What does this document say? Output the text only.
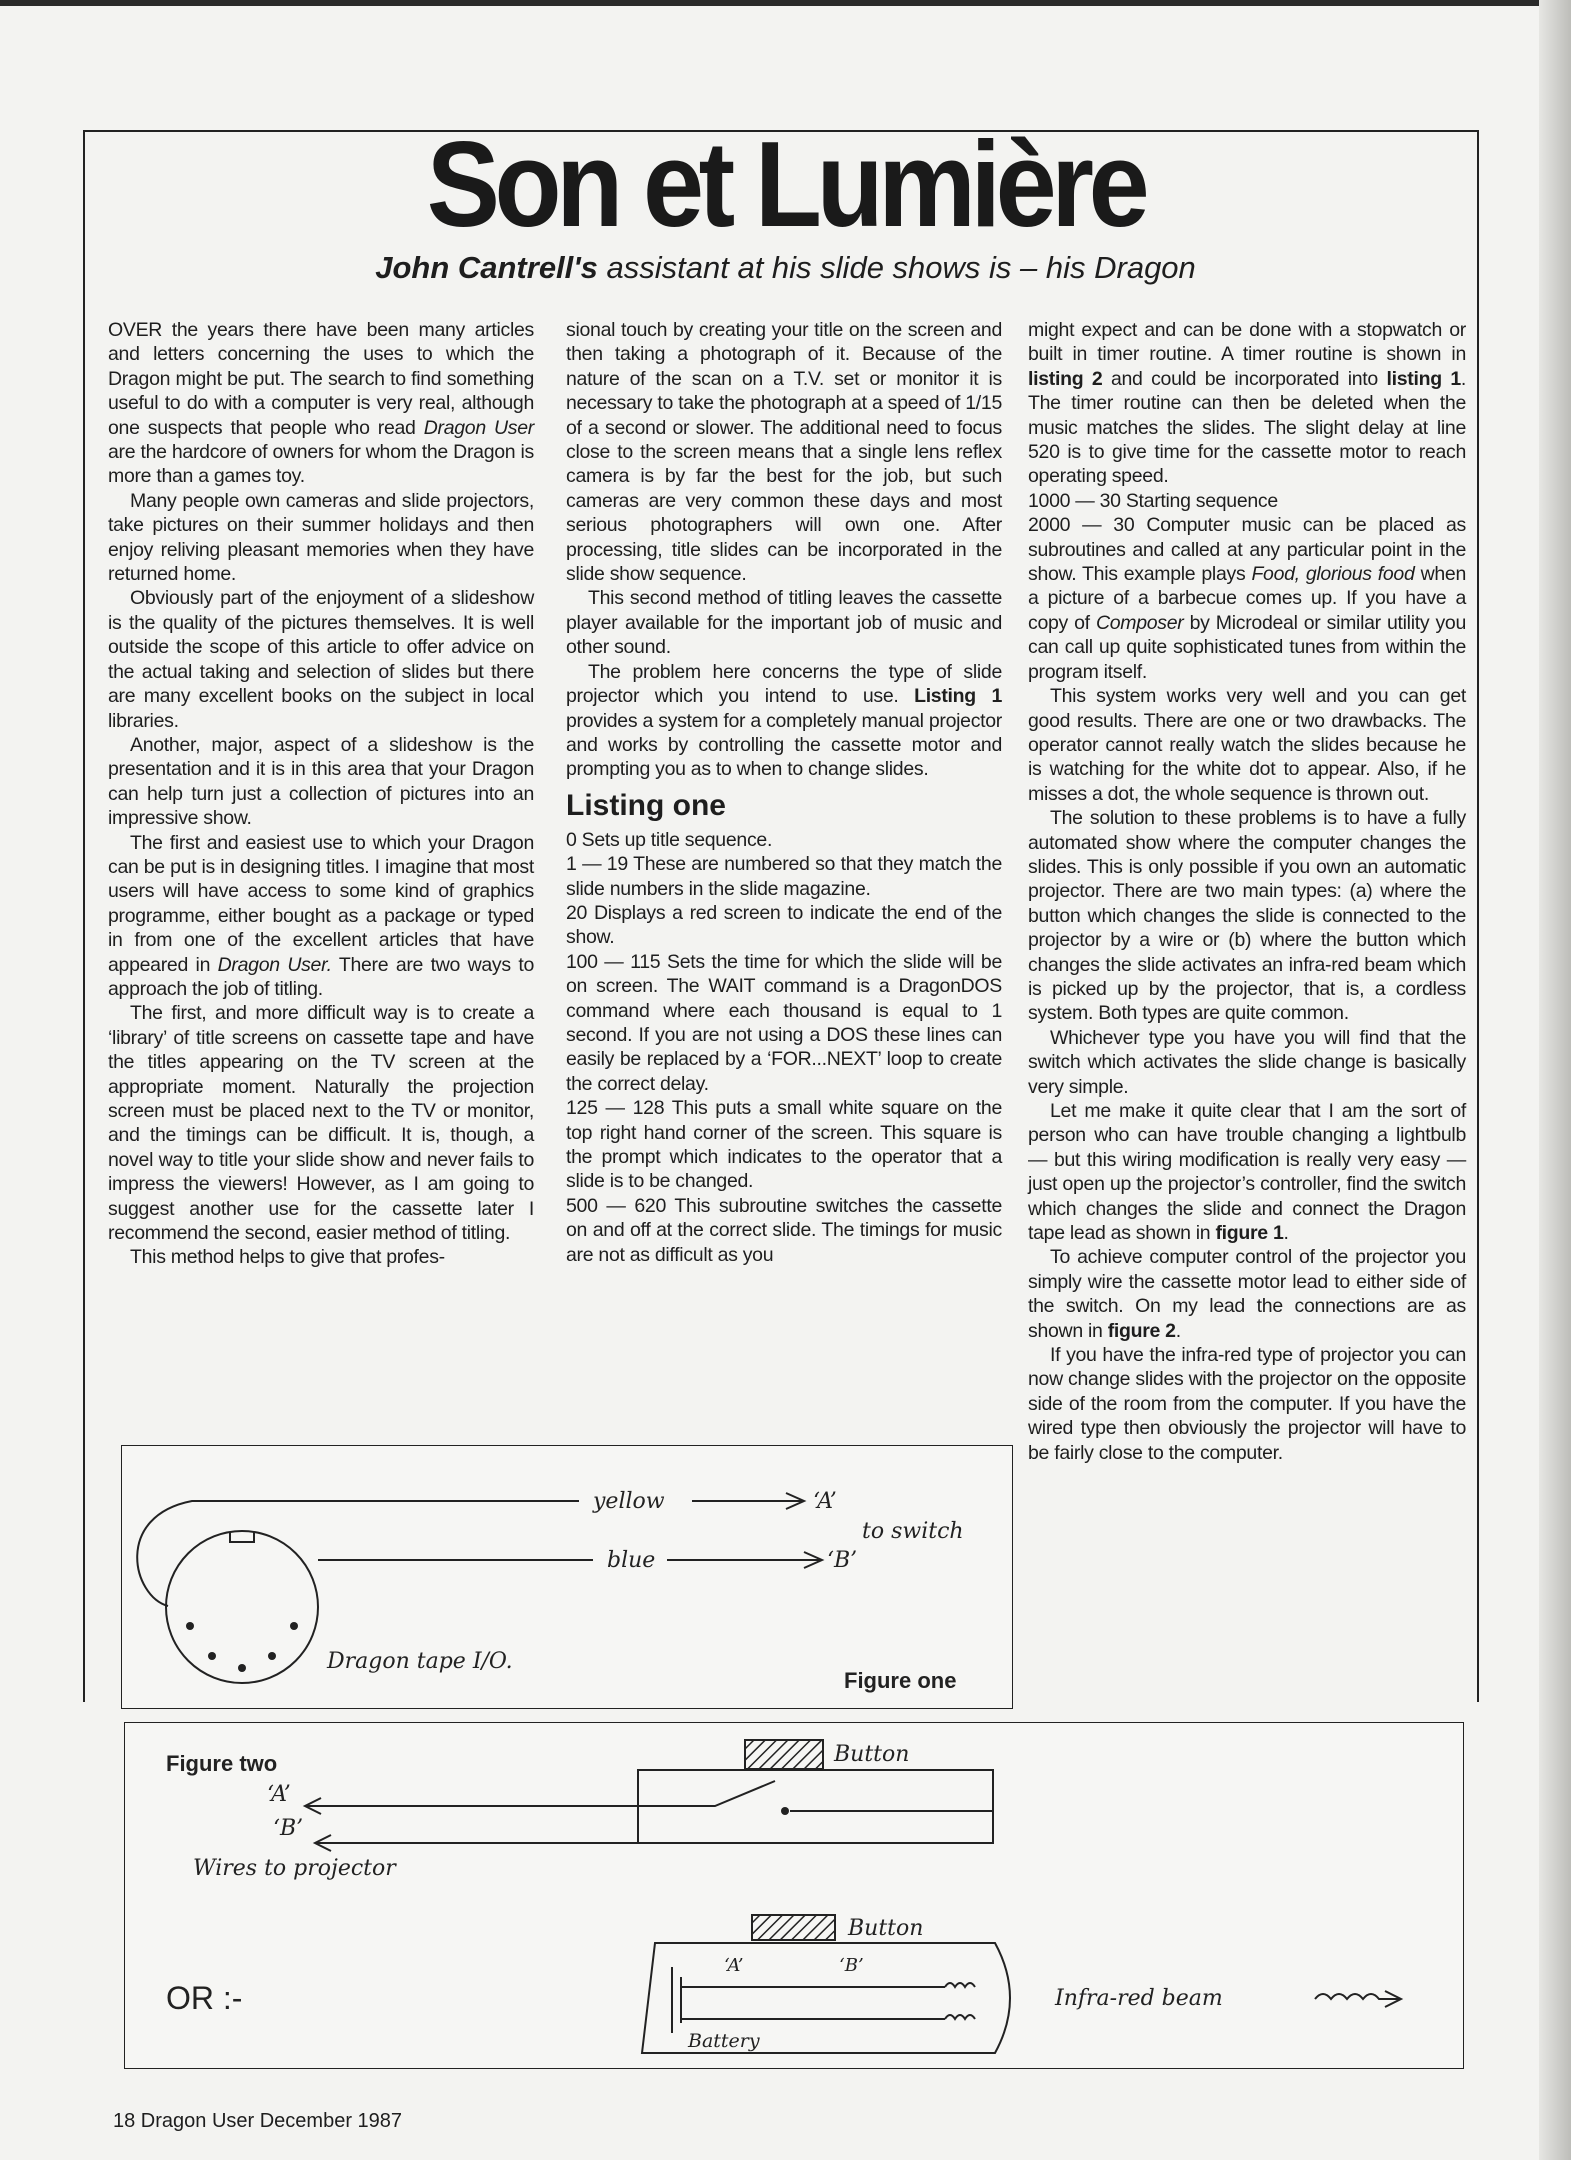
Son et Lumière
John Cantrell's assistant at his slide shows is – his Dragon

OVER the years there have been many articles and letters concerning the uses to which the Dragon might be put. The search to find something useful to do with a computer is very real, although one suspects that people who read Dragon User are the hardcore of owners for whom the Dragon is more than a games toy.

Many people own cameras and slide projectors, take pictures on their summer holidays and then enjoy reliving pleasant memories when they have returned home.

Obviously part of the enjoyment of a slideshow is the quality of the pictures themselves. It is well outside the scope of this article to offer advice on the actual taking and selection of slides but there are many excellent books on the subject in local libraries.

Another, major, aspect of a slideshow is the presentation and it is in this area that your Dragon can help turn just a collection of pictures into an impressive show.

The first and easiest use to which your Dragon can be put is in designing titles. I imagine that most users will have access to some kind of graphics programme, either bought as a package or typed in from one of the excellent articles that have appeared in Dragon User. There are two ways to approach the job of titling.

The first, and more difficult way is to create a ‘library’ of title screens on cassette tape and have the titles appearing on the TV screen at the appropriate moment. Naturally the projection screen must be placed next to the TV or monitor, and the timings can be difficult. It is, though, a novel way to title your slide show and never fails to impress the viewers! However, as I am going to suggest another use for the cassette later I recommend the second, easier method of titling.

This method helps to give that profes-

sional touch by creating your title on the screen and then taking a photograph of it. Because of the nature of the scan on a T.V. set or monitor it is necessary to take the photograph at a speed of 1/15 of a second or slower. The additional need to focus close to the screen means that a single lens reflex camera is by far the best for the job, but such cameras are very common these days and most serious photographers will own one. After processing, title slides can be incorporated in the slide show sequence.

This second method of titling leaves the cassette player available for the important job of music and other sound.

The problem here concerns the type of slide projector which you intend to use. Listing 1 provides a system for a completely manual projector and works by controlling the cassette motor and prompting you as to when to change slides.

Listing one

0 Sets up title sequence.

1 — 19 These are numbered so that they match the slide numbers in the slide magazine.

20 Displays a red screen to indicate the end of the show.

100 — 115 Sets the time for which the slide will be on screen. The WAIT command is a DragonDOS command where each thousand is equal to 1 second. If you are not using a DOS these lines can easily be replaced by a ‘FOR...NEXT’ loop to create the correct delay.

125 — 128 This puts a small white square on the top right hand corner of the screen. This square is the prompt which indicates to the operator that a slide is to be changed.

500 — 620 This subroutine switches the cassette on and off at the correct slide. The timings for music are not as difficult as you

might expect and can be done with a stopwatch or built in timer routine. A timer routine is shown in listing 2 and could be incorporated into listing 1. The timer routine can then be deleted when the music matches the slides. The slight delay at line 520 is to give time for the cassette motor to reach operating speed.

1000 — 30 Starting sequence

2000 — 30 Computer music can be placed as subroutines and called at any particular point in the show. This example plays Food, glorious food when a picture of a barbecue comes up. If you have a copy of Composer by Microdeal or similar utility you can call up quite sophisticated tunes from within the program itself.

This system works very well and you can get good results. There are one or two drawbacks. The operator cannot really watch the slides because he is watching for the white dot to appear. Also, if he misses a dot, the whole sequence is thrown out.

The solution to these problems is to have a fully automated show where the computer changes the slides. This is only possible if you own an automatic projector. There are two main types: (a) where the button which changes the slide is connected to the projector by a wire or (b) where the button which changes the slide activates an infra-red beam which is picked up by the projector, that is, a cordless system. Both types are quite common.

Whichever type you have you will find that the switch which activates the slide change is basically very simple.

Let me make it quite clear that I am the sort of person who can have trouble changing a lightbulb — but this wiring modification is really very easy — just open up the projector’s controller, find the switch which changes the slide and connect the Dragon tape lead as shown in figure 1.

To achieve computer control of the projector you simply wire the cassette motor lead to either side of the switch. On my lead the connections are as shown in figure 2.

If you have the infra-red type of projector you can now change slides with the projector on the opposite side of the room from the computer. If you have the wired type then obviously the projector will have to be fairly close to the computer.

yellow	‘A’
to switch
blue	‘B’
Dragon tape I/O.
Figure one
Figure two
‘A’
‘B’
Wires to projector
Button
OR :-
Button
‘A’	‘B’
Battery
Infra-red beam
18 Dragon User December 1987
